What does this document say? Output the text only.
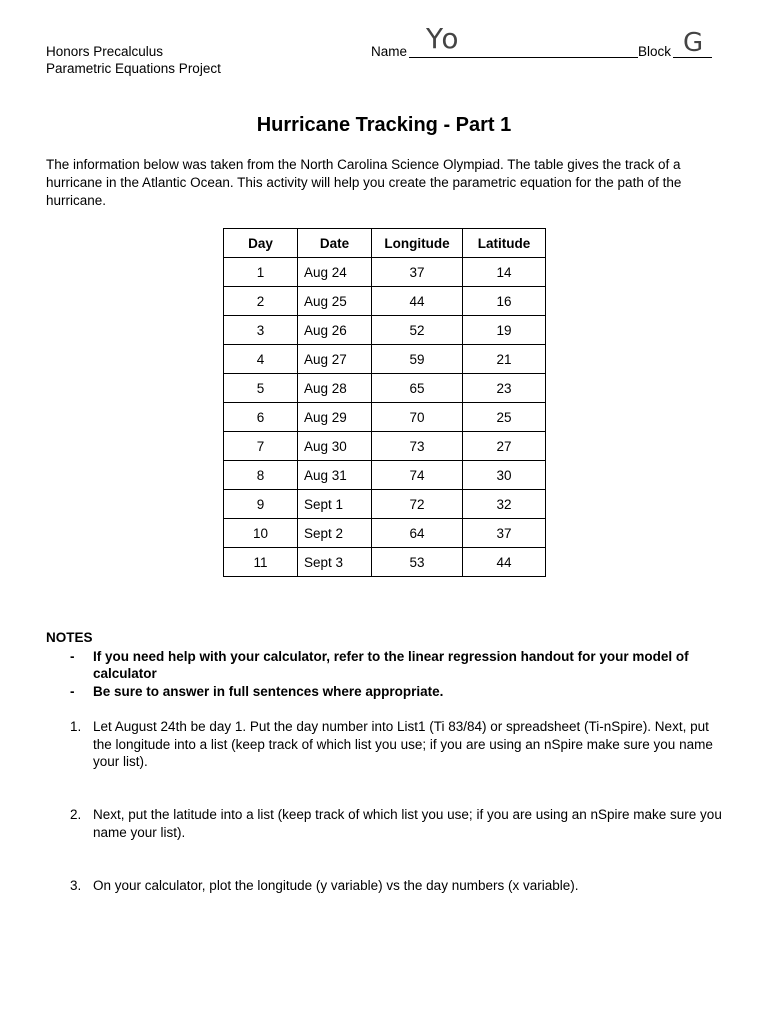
Honors Precalculus
Parametric Equations Project
Name Yo	Block G
Hurricane Tracking - Part 1
The information below was taken from the North Carolina Science Olympiad. The table gives the track of a hurricane in the Atlantic Ocean. This activity will help you create the parametric equation for the path of the hurricane.
Day	Date	Longitude	Latitude
1	Aug 24	37	14
2	Aug 25	44	16
3	Aug 26	52	19
4	Aug 27	59	21
5	Aug 28	65	23
6	Aug 29	70	25
7	Aug 30	73	27
8	Aug 31	74	30
9	Sept 1	72	32
10	Sept 2	64	37
11	Sept 3	53	44
NOTES
- If you need help with your calculator, refer to the linear regression handout for your model of calculator
- Be sure to answer in full sentences where appropriate.
1. Let August 24th be day 1. Put the day number into List1 (Ti 83/84) or spreadsheet (Ti-nSpire). Next, put the longitude into a list (keep track of which list you use; if you are using an nSpire make sure you name your list).
2. Next, put the latitude into a list (keep track of which list you use; if you are using an nSpire make sure you name your list).
3. On your calculator, plot the longitude (y variable) vs the day numbers (x variable).
